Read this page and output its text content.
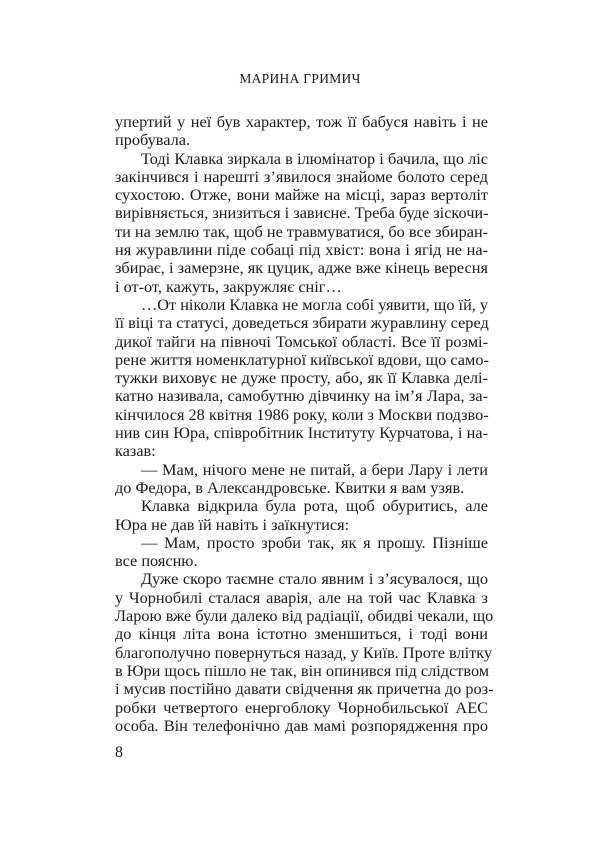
МАРИНА ГРИМИЧ
упертий у неї був характер, тож її бабуся навіть і не
пробувала.
Тоді Клавка зиркала в ілюмінатор і бачила, що ліс
закінчився і нарешті з’явилося знайоме болото серед
сухостою. Отже, вони майже на місці, зараз вертоліт
вирівняється, знизиться і зависне. Треба буде зіскочи-
ти на землю так, щоб не травмуватися, бо все збиран-
ня журавлини піде собаці під хвіст: вона і ягід не на-
збирає, і замерзне, як цуцик, адже вже кінець вересня
і от-от, кажуть, закружляє сніг…
…От ніколи Клавка не могла собі уявити, що їй, у
її віці та статусі, доведеться збирати журавлину серед
дикої тайги на півночі Томської області. Все її розмі-
рене життя номенклатурної київської вдови, що само-
тужки виховує не дуже просту, або, як її Клавка делі-
катно називала, самобутню дівчинку на ім’я Лара, за-
кінчилося 28 квітня 1986 року, коли з Москви подзво-
нив син Юра, співробітник Інституту Курчатова, і на-
казав:
— Мам, нічого мене не питай, а бери Лару і лети
до Федора, в Александровське. Квитки я вам узяв.
Клавка відкрила була рота, щоб обуритись, але
Юра не дав їй навіть і заїкнутися:
— Мам, просто зроби так, як я прошу. Пізніше
все поясню.
Дуже скоро таємне стало явним і з’ясувалося, що
у Чорнобилі сталася аварія, але на той час Клавка з
Ларою вже були далеко від радіації, обидві чекали, що
до кінця літа вона істотно зменшиться, і тоді вони
благополучно повернуться назад, у Київ. Проте влітку
в Юри щось пішло не так, він опинився під слідством
і мусив постійно давати свідчення як причетна до роз-
робки четвертого енергоблоку Чорнобильської АЕС
особа. Він телефонічно дав мамі розпорядження про
8
